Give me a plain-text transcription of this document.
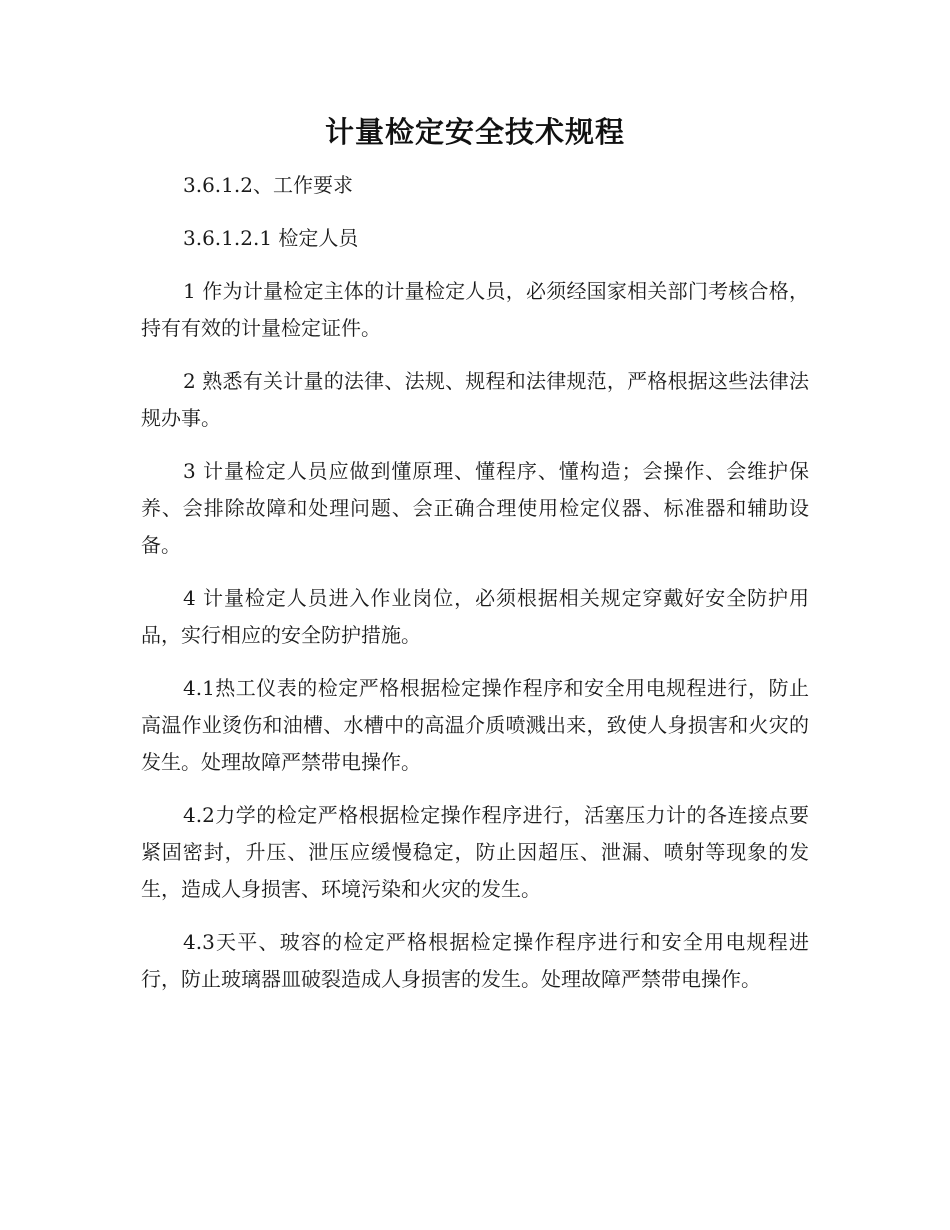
计量检定安全技术规程

3.6.1.2、工作要求

3.6.1.2.1 检定人员

1 作为计量检定主体的计量检定人员，必须经国家相关部门考核合格，持有有效的计量检定证件。

2 熟悉有关计量的法律、法规、规程和法律规范，严格根据这些法律法规办事。

3 计量检定人员应做到懂原理、懂程序、懂构造；会操作、会维护保养、会排除故障和处理问题、会正确合理使用检定仪器、标准器和辅助设备。

4 计量检定人员进入作业岗位，必须根据相关规定穿戴好安全防护用品，实行相应的安全防护措施。

4.1热工仪表的检定严格根据检定操作程序和安全用电规程进行，防止高温作业烫伤和油槽、水槽中的高温介质喷溅出来，致使人身损害和火灾的发生。处理故障严禁带电操作。

4.2力学的检定严格根据检定操作程序进行，活塞压力计的各连接点要紧固密封，升压、泄压应缓慢稳定，防止因超压、泄漏、喷射等现象的发生，造成人身损害、环境污染和火灾的发生。

4.3天平、玻容的检定严格根据检定操作程序进行和安全用电规程进行，防止玻璃器皿破裂造成人身损害的发生。处理故障严禁带电操作。
